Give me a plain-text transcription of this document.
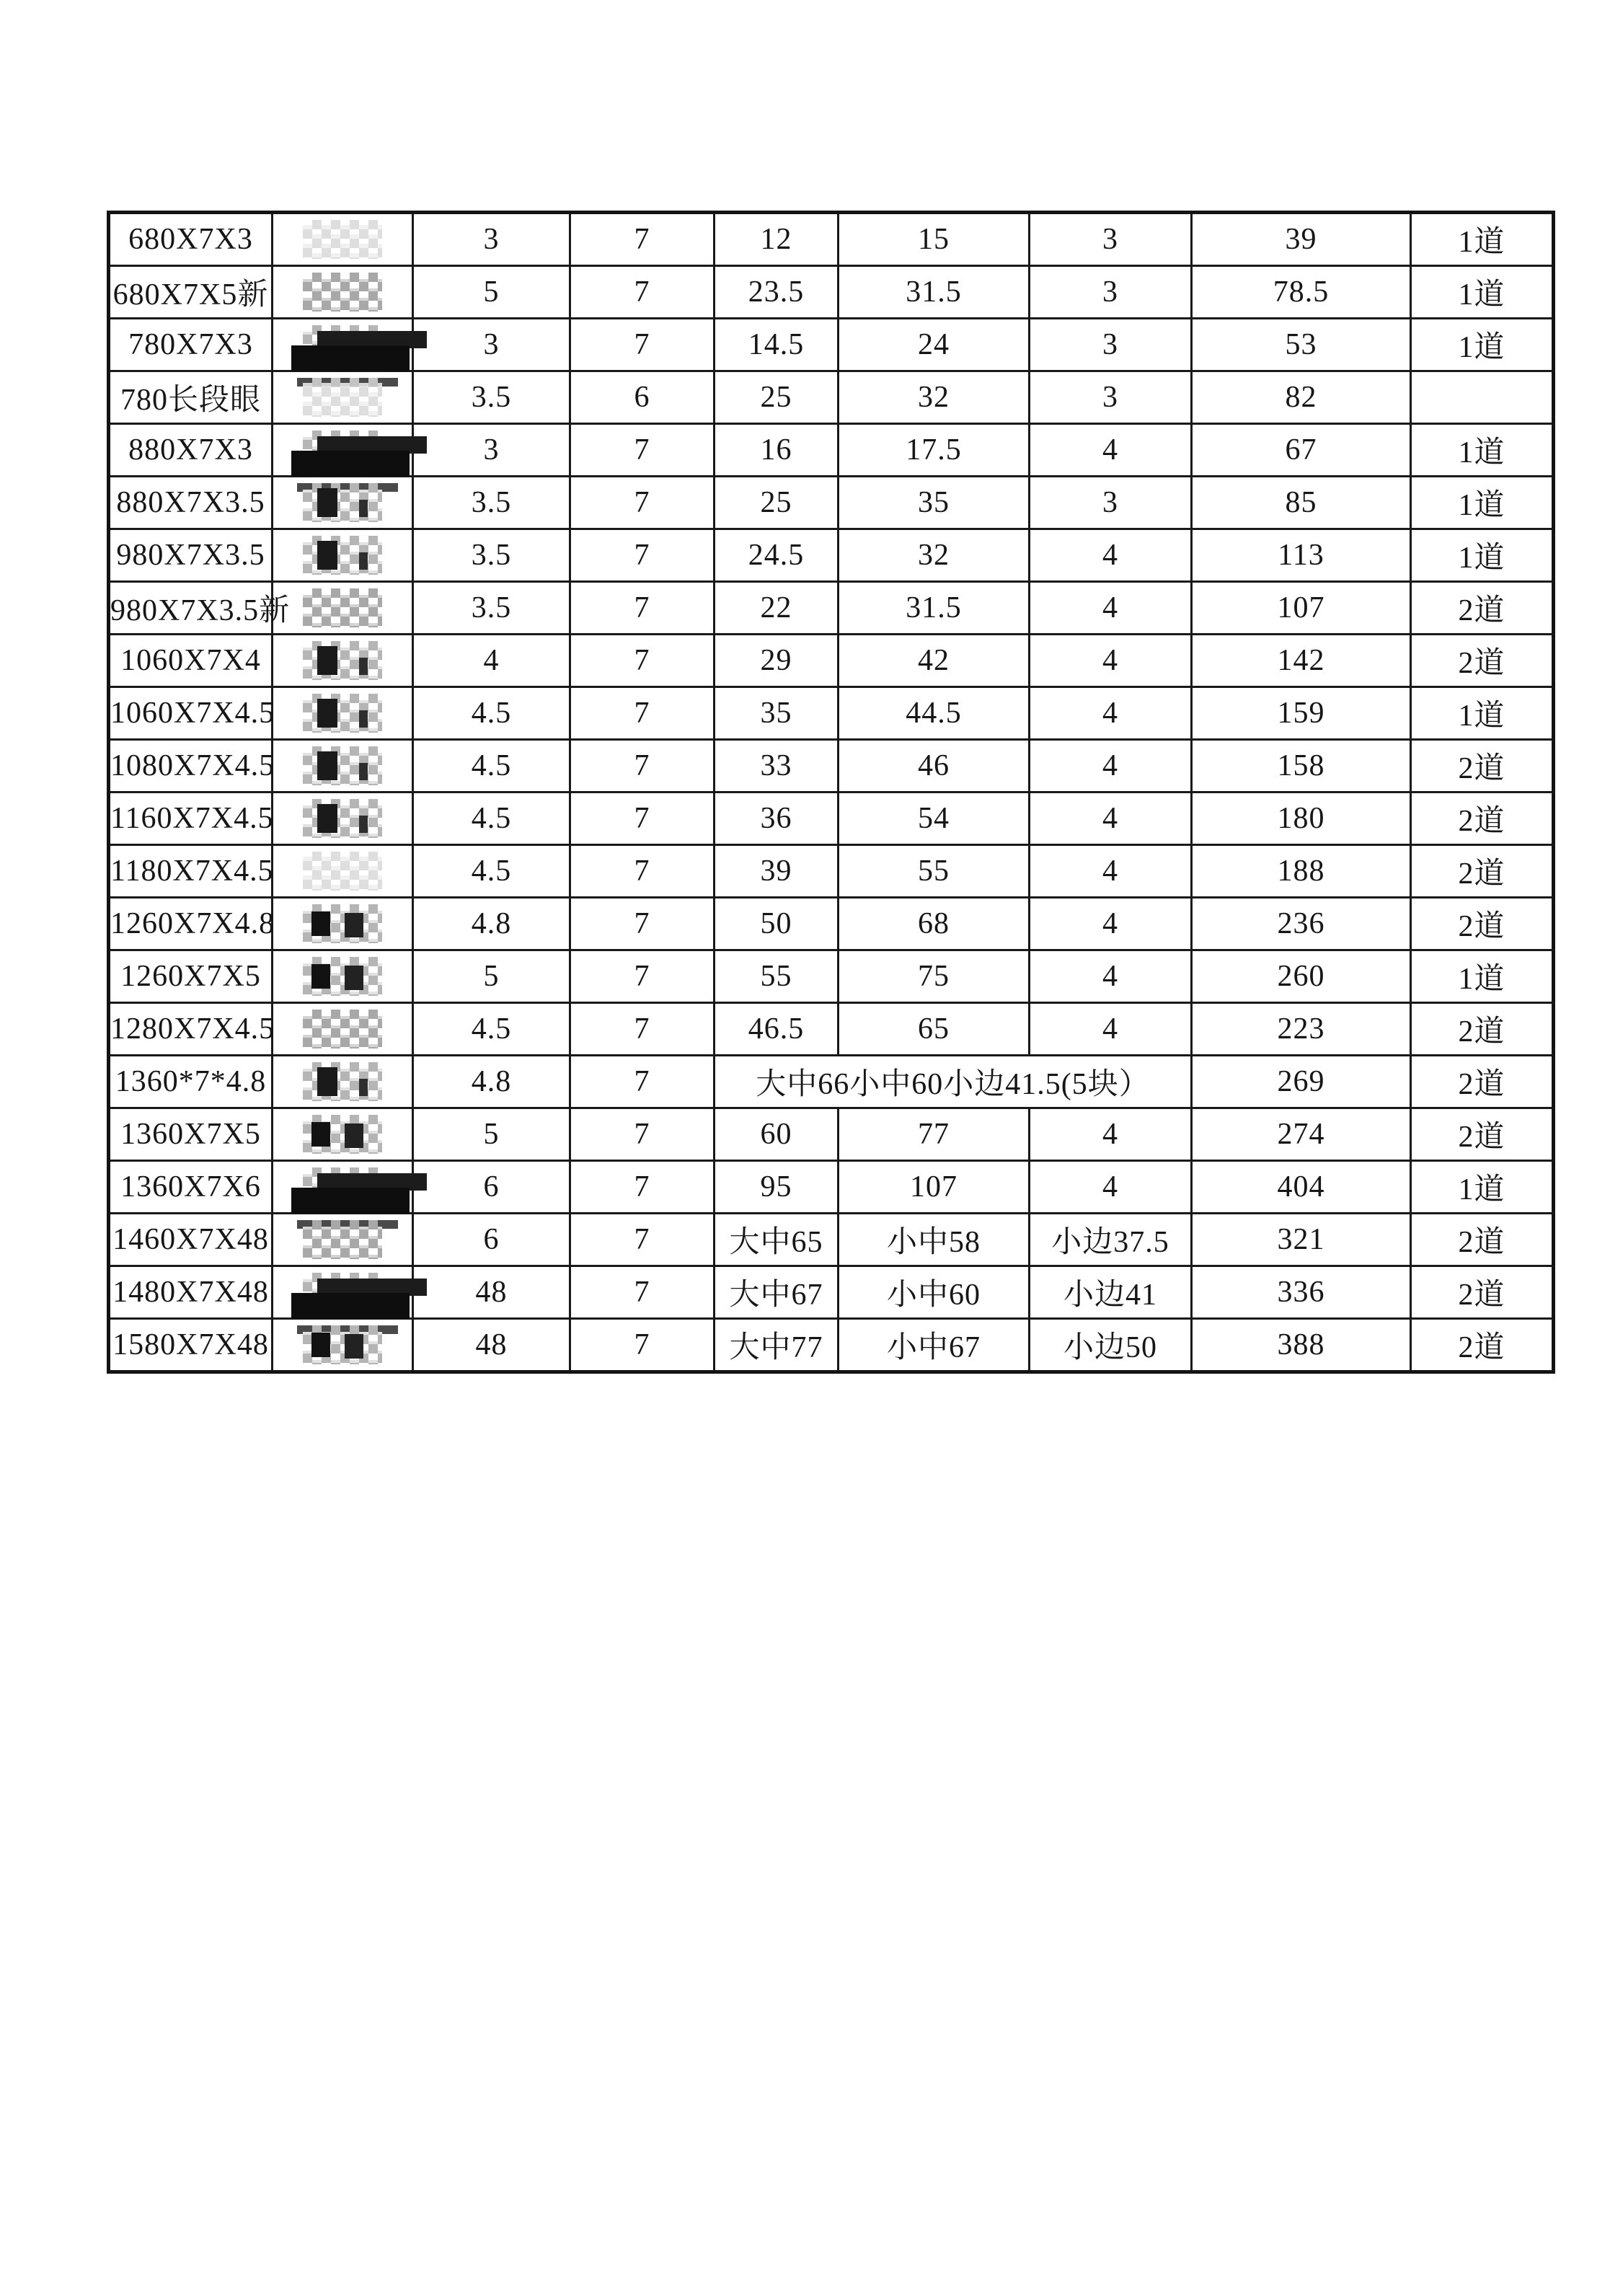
680X7X3		3	7	12	15	3	39	1道
680X7X5新		5	7	23.5	31.5	3	78.5	1道
780X7X3		3	7	14.5	24	3	53	1道
780长段眼		3.5	6	25	32	3	82	
880X7X3		3	7	16	17.5	4	67	1道
880X7X3.5		3.5	7	25	35	3	85	1道
980X7X3.5		3.5	7	24.5	32	4	113	1道
980X7X3.5新		3.5	7	22	31.5	4	107	2道
1060X7X4		4	7	29	42	4	142	2道
1060X7X4.5		4.5	7	35	44.5	4	159	1道
1080X7X4.5		4.5	7	33	46	4	158	2道
1160X7X4.5		4.5	7	36	54	4	180	2道
1180X7X4.5		4.5	7	39	55	4	188	2道
1260X7X4.8		4.8	7	50	68	4	236	2道
1260X7X5		5	7	55	75	4	260	1道
1280X7X4.5		4.5	7	46.5	65	4	223	2道
1360*7*4.8		4.8	7	大中66小中60小边41.5(5块）			269	2道
1360X7X5		5	7	60	77	4	274	2道
1360X7X6		6	7	95	107	4	404	1道
1460X7X48		6	7	大中65	小中58	小边37.5	321	2道
1480X7X48		48	7	大中67	小中60	小边41	336	2道
1580X7X48		48	7	大中77	小中67	小边50	388	2道
